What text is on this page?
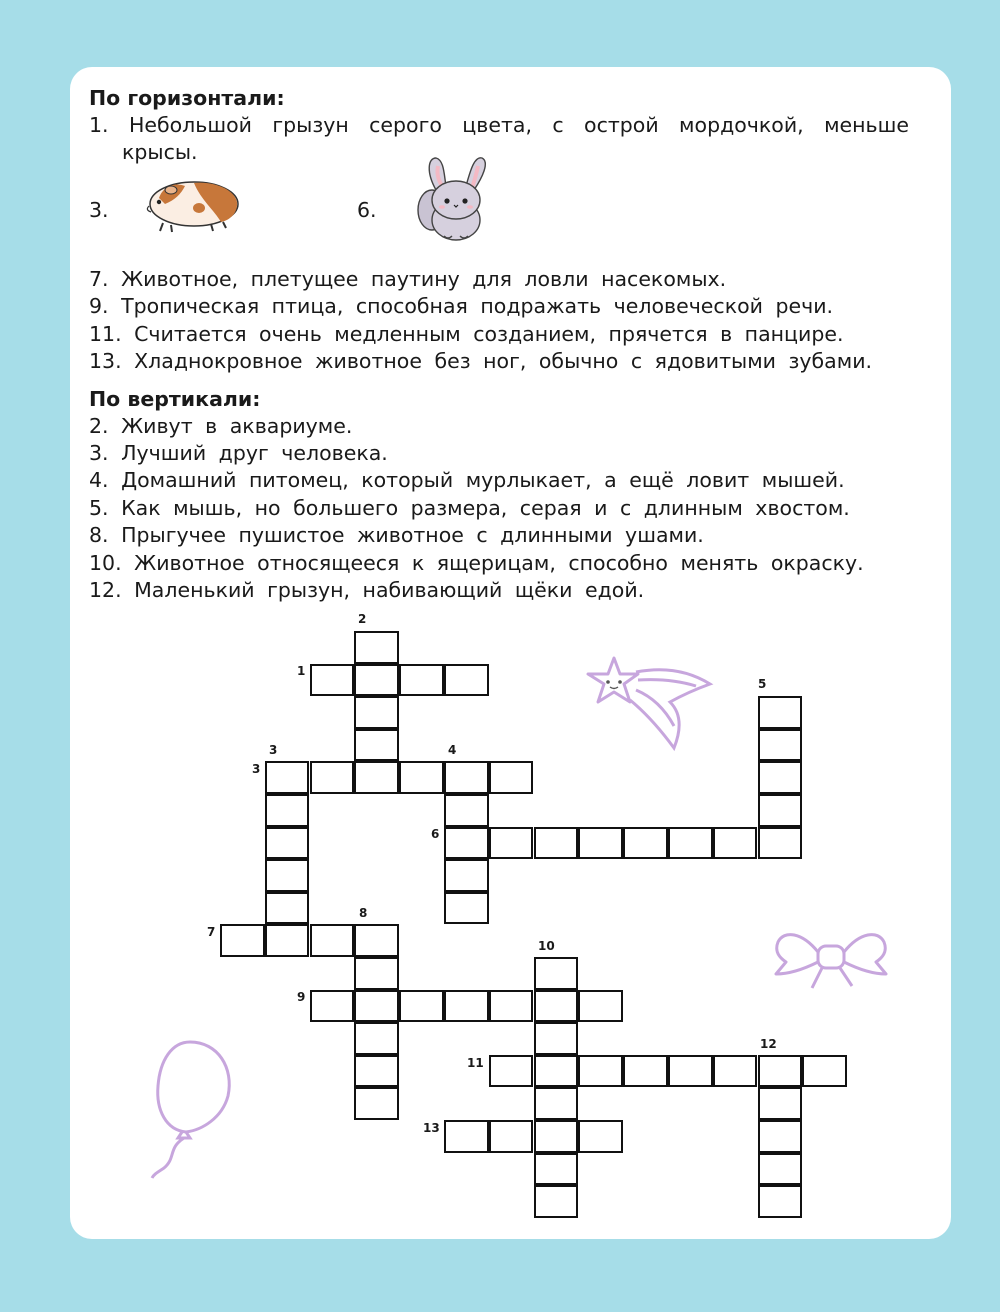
По горизонтали:
1. Небольшой грызун серого цвета, с острой мордочкой, меньше крысы.
3.	6.
7. Животное, плетущее паутину для ловли насекомых.
9. Тропическая птица, способная подражать человеческой речи.
11. Считается очень медленным созданием, прячется в панцире.
13. Хладнокровное животное без ног, обычно с ядовитыми зубами.
По вертикали:
2. Живут в аквариуме.
3. Лучший друг человека.
4. Домашний питомец, который мурлыкает, а ещё ловит мышей.
5. Как мышь, но большего размера, серая и с длинным хвостом.
8. Прыгучее пушистое животное с длинными ушами.
10. Животное относящееся к ящерицам, способно менять окраску.
12. Маленький грызун, набивающий щёки едой.
2
1
5
3	4
3
6
8
7
10
9
12
11
13
